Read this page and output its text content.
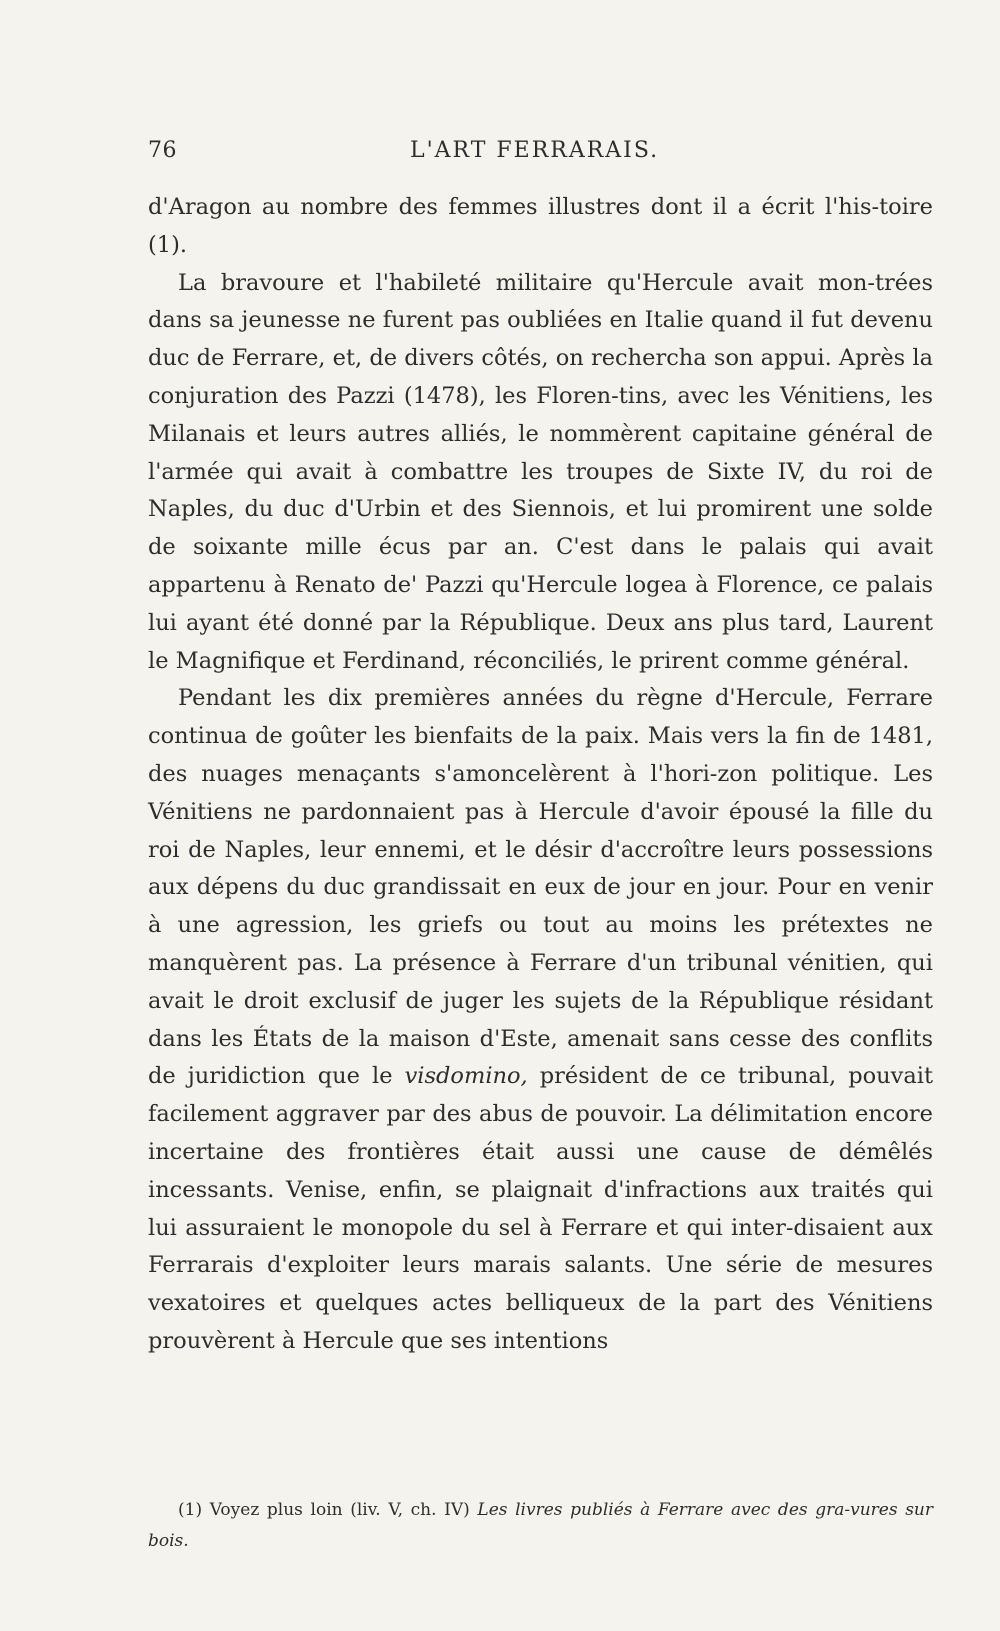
76	L'ART FERRARAIS.

d'Aragon au nombre des femmes illustres dont il a écrit l'his-toire (1).

La bravoure et l'habileté militaire qu'Hercule avait mon-trées dans sa jeunesse ne furent pas oubliées en Italie quand il fut devenu duc de Ferrare, et, de divers côtés, on rechercha son appui. Après la conjuration des Pazzi (1478), les Floren-tins, avec les Vénitiens, les Milanais et leurs autres alliés, le nommèrent capitaine général de l'armée qui avait à combattre les troupes de Sixte IV, du roi de Naples, du duc d'Urbin et des Siennois, et lui promirent une solde de soixante mille écus par an. C'est dans le palais qui avait appartenu à Renato de' Pazzi qu'Hercule logea à Florence, ce palais lui ayant été donné par la République. Deux ans plus tard, Laurent le Magnifique et Ferdinand, réconciliés, le prirent comme général.

Pendant les dix premières années du règne d'Hercule, Ferrare continua de goûter les bienfaits de la paix. Mais vers la fin de 1481, des nuages menaçants s'amoncelèrent à l'hori-zon politique. Les Vénitiens ne pardonnaient pas à Hercule d'avoir épousé la fille du roi de Naples, leur ennemi, et le désir d'accroître leurs possessions aux dépens du duc grandissait en eux de jour en jour. Pour en venir à une agression, les griefs ou tout au moins les prétextes ne manquèrent pas. La présence à Ferrare d'un tribunal vénitien, qui avait le droit exclusif de juger les sujets de la République résidant dans les États de la maison d'Este, amenait sans cesse des conflits de juridiction que le visdomino, président de ce tribunal, pouvait facilement aggraver par des abus de pouvoir. La délimitation encore incertaine des frontières était aussi une cause de démêlés incessants. Venise, enfin, se plaignait d'infractions aux traités qui lui assuraient le monopole du sel à Ferrare et qui inter-disaient aux Ferrarais d'exploiter leurs marais salants. Une série de mesures vexatoires et quelques actes belliqueux de la part des Vénitiens prouvèrent à Hercule que ses intentions

(1) Voyez plus loin (liv. V, ch. IV) Les livres publiés à Ferrare avec des gra-vures sur bois.
